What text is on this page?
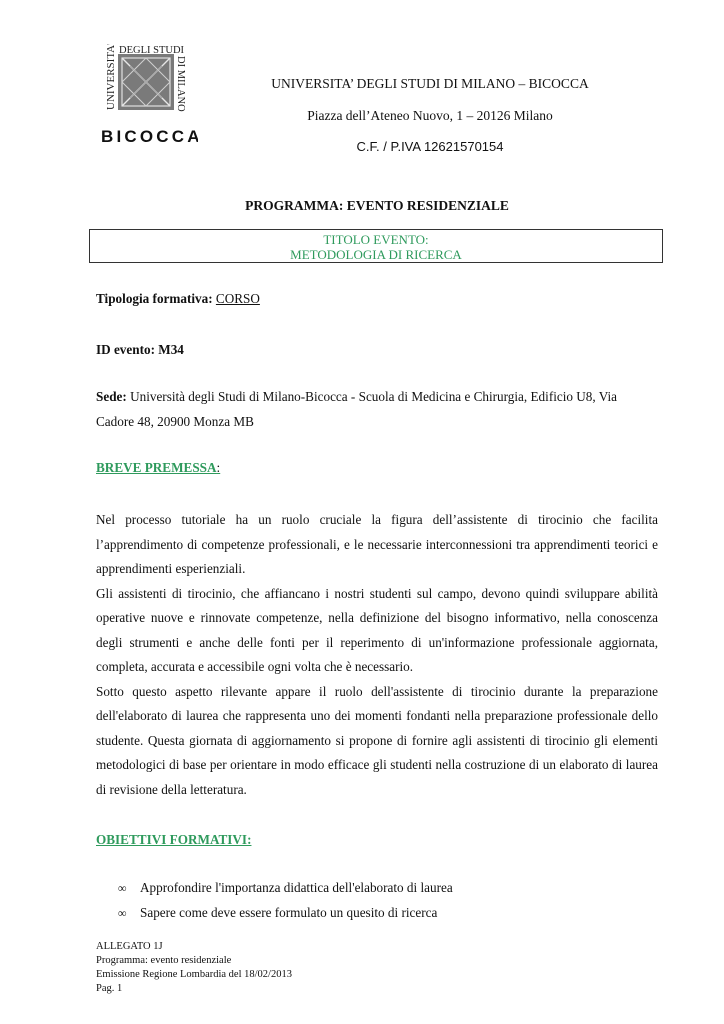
UNIVERSITA' DEGLI STUDI
DI MILANO
BICOCCA
UNIVERSITA’ DEGLI STUDI DI MILANO – BICOCCA
Piazza dell’Ateneo Nuovo, 1 – 20126 Milano
C.F. / P.IVA 12621570154
PROGRAMMA: EVENTO RESIDENZIALE
TITOLO EVENTO:
METODOLOGIA DI RICERCA
Tipologia formativa: CORSO
ID evento: M34
Sede: Università degli Studi di Milano-Bicocca - Scuola di Medicina e Chirurgia, Edificio U8, Via Cadore 48, 20900 Monza MB
BREVE PREMESSA:
Nel processo tutoriale ha un ruolo cruciale la figura dell’assistente di tirocinio che facilita l’apprendimento di competenze professionali, e le necessarie interconnessioni tra apprendimenti teorici e apprendimenti esperienziali.
Gli assistenti di tirocinio, che affiancano i nostri studenti sul campo, devono quindi sviluppare abilità operative nuove e rinnovate competenze, nella definizione del bisogno informativo, nella conoscenza degli strumenti e anche delle fonti per il reperimento di un'informazione professionale aggiornata, completa, accurata e accessibile ogni volta che è necessario.
Sotto questo aspetto rilevante appare il ruolo dell'assistente di tirocinio durante la preparazione dell'elaborato di laurea che rappresenta uno dei momenti fondanti nella preparazione professionale dello studente. Questa giornata di aggiornamento si propone di fornire agli assistenti di tirocinio gli elementi metodologici di base per orientare in modo efficace gli studenti nella costruzione di un elaborato di laurea di revisione della letteratura.
OBIETTIVI FORMATIVI:
∞	Approfondire l'importanza didattica dell'elaborato di laurea
∞	Sapere come deve essere formulato un quesito di ricerca
ALLEGATO 1J
Programma: evento residenziale
Emissione Regione Lombardia del 18/02/2013
Pag. 1
